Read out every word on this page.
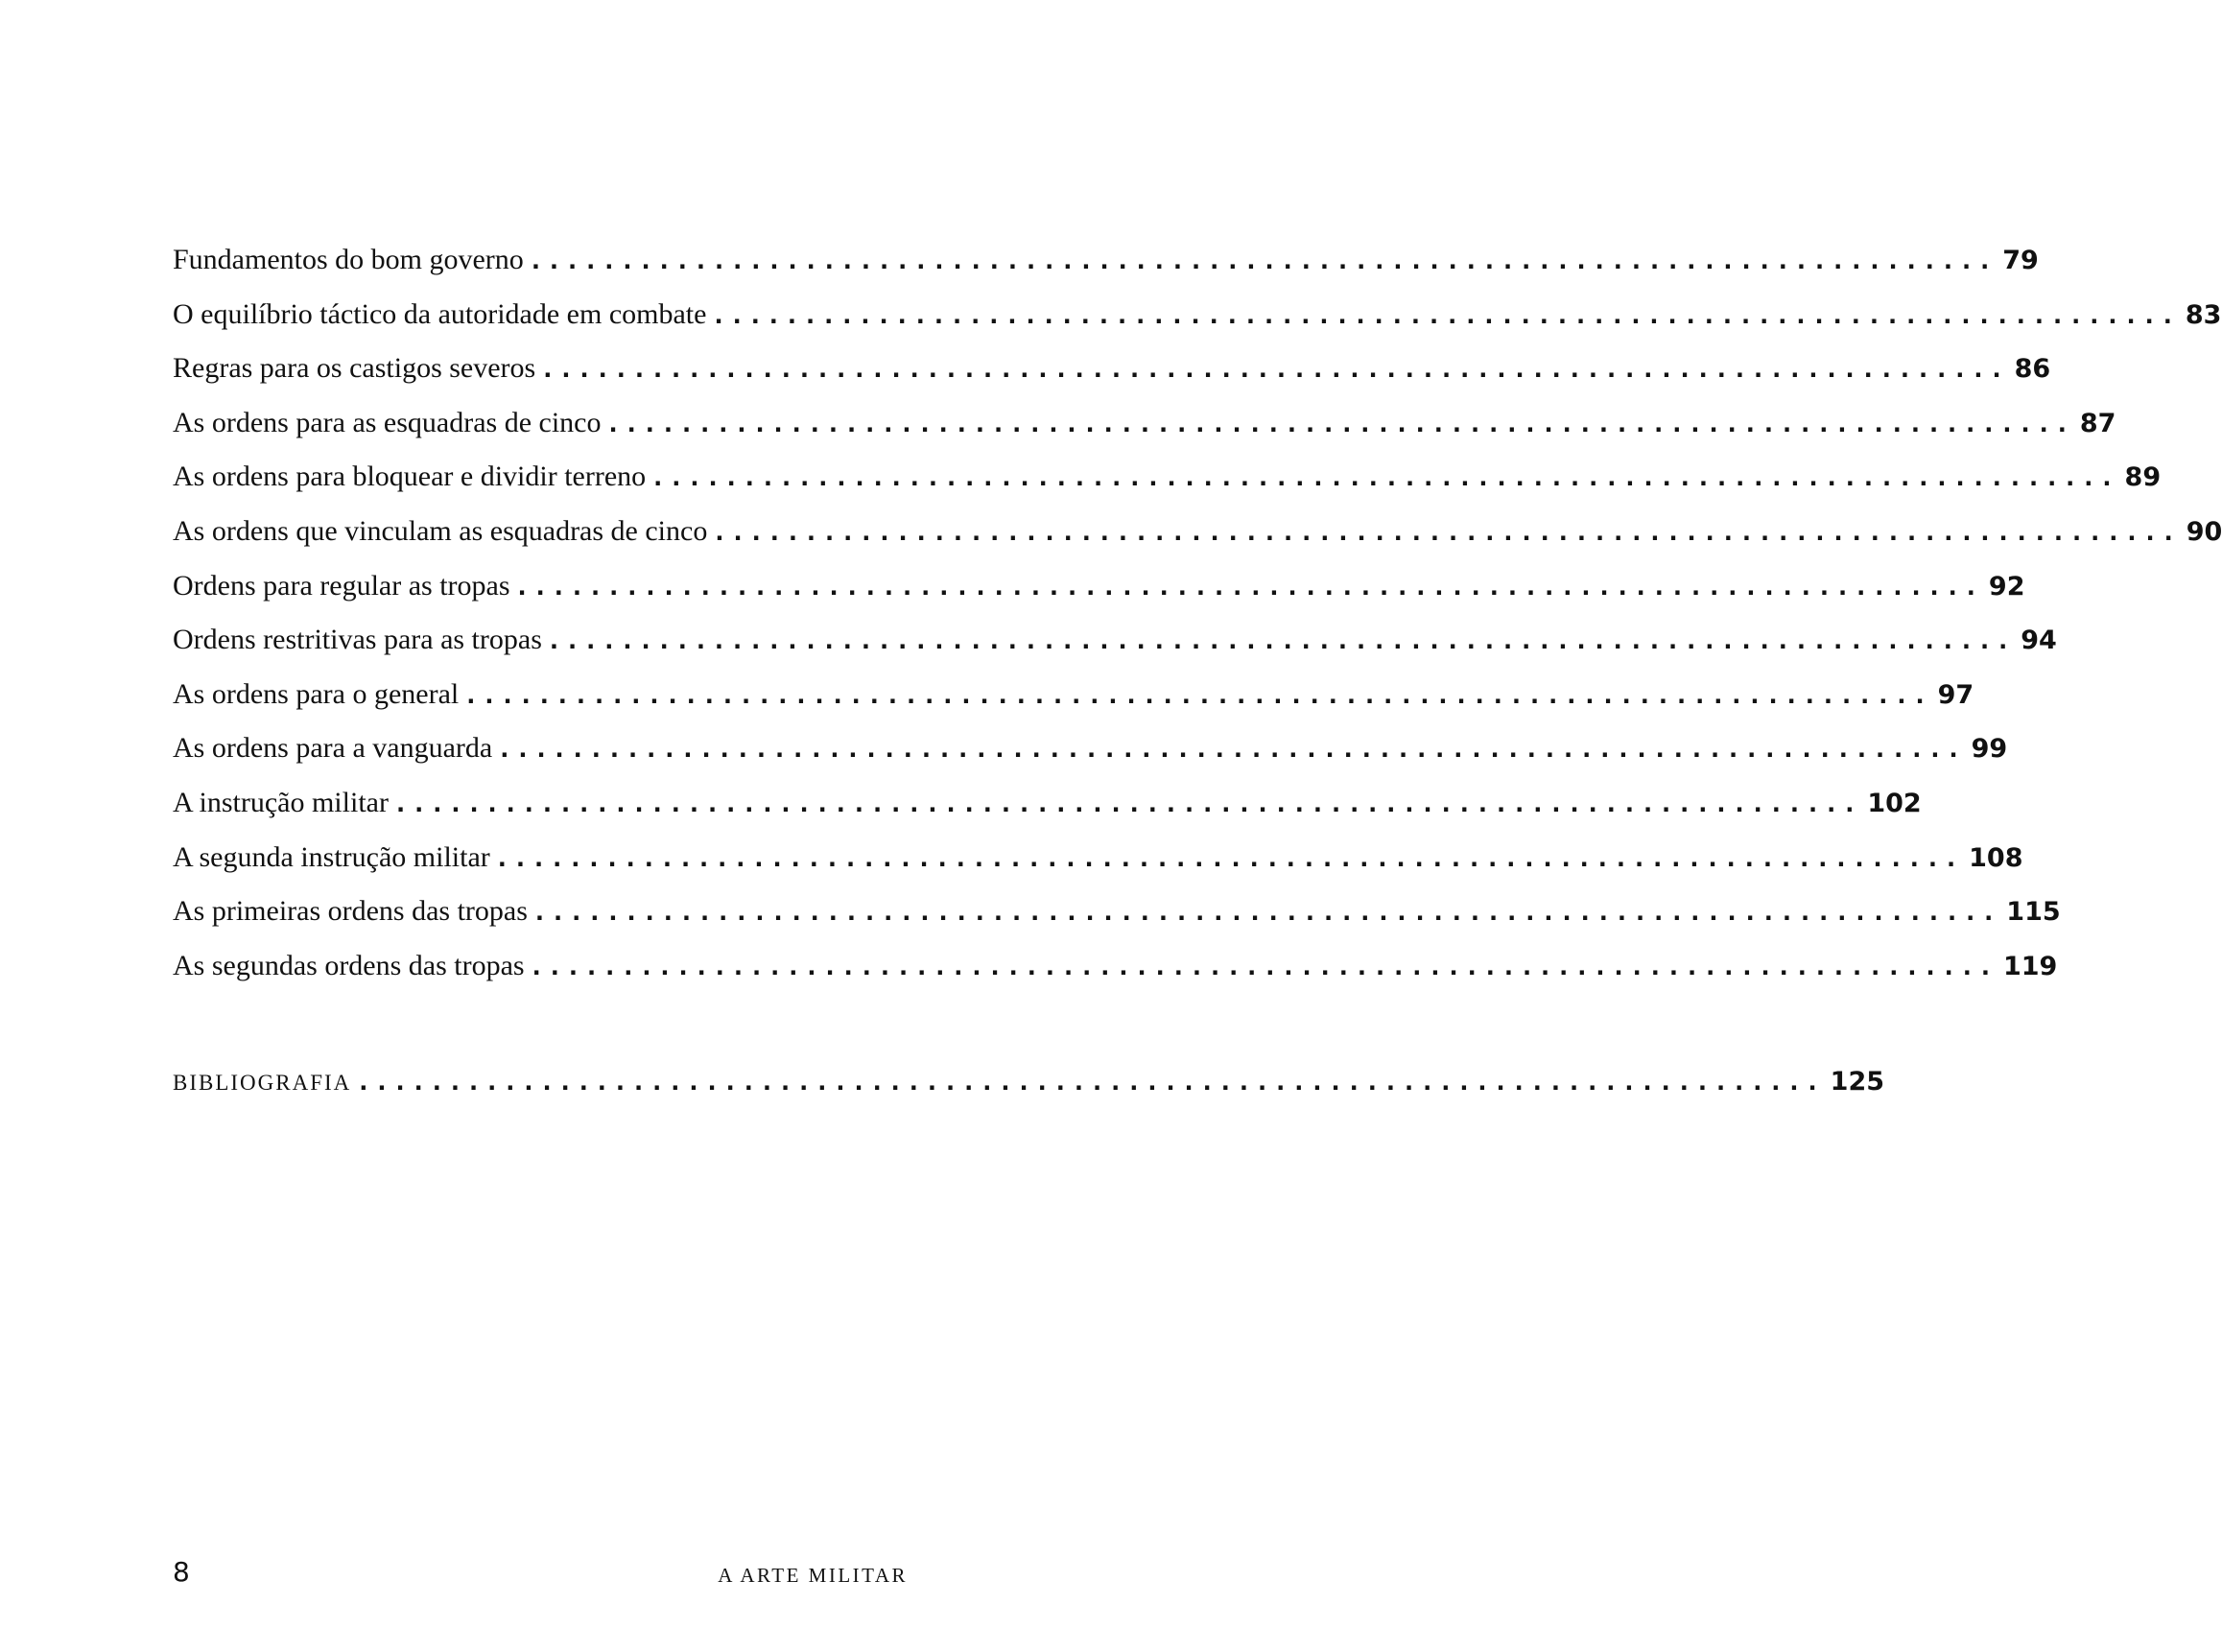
Fundamentos do bom governo ................................................................................ 79
O equilíbrio táctico da autoridade em combate ................................................................................ 83
Regras para os castigos severos ................................................................................ 86
As ordens para as esquadras de cinco ................................................................................ 87
As ordens para bloquear e dividir terreno ................................................................................ 89
As ordens que vinculam as esquadras de cinco ................................................................................ 90
Ordens para regular as tropas ................................................................................ 92
Ordens restritivas para as tropas ................................................................................ 94
As ordens para o general ................................................................................ 97
As ordens para a vanguarda ................................................................................ 99
A instrução militar ................................................................................ 102
A segunda instrução militar ................................................................................ 108
As primeiras ordens das tropas ................................................................................ 115
As segundas ordens das tropas ................................................................................ 119
BIBLIOGRAFIA ................................................................................ 125
8	A ARTE MILITAR
